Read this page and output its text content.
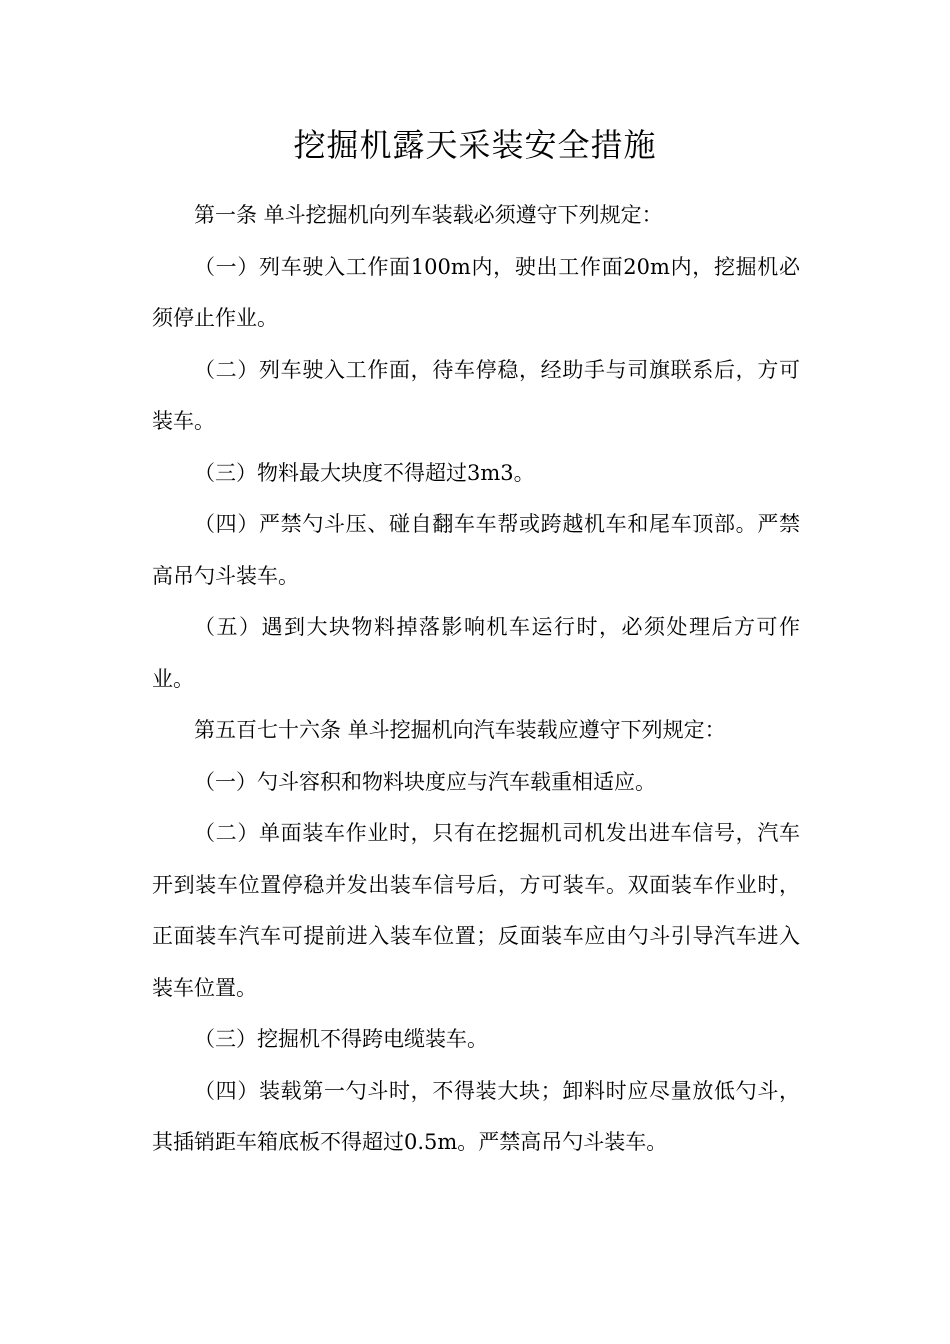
挖掘机露天采装安全措施

第一条 单斗挖掘机向列车装载必须遵守下列规定：

（一）列车驶入工作面100m内，驶出工作面20m内，挖掘机必须停止作业。

（二）列车驶入工作面，待车停稳，经助手与司旗联系后，方可装车。

（三）物料最大块度不得超过3m3。

（四）严禁勺斗压、碰自翻车车帮或跨越机车和尾车顶部。严禁高吊勺斗装车。

（五）遇到大块物料掉落影响机车运行时，必须处理后方可作业。

第五百七十六条 单斗挖掘机向汽车装载应遵守下列规定：

（一）勺斗容积和物料块度应与汽车载重相适应。

（二）单面装车作业时，只有在挖掘机司机发出进车信号，汽车开到装车位置停稳并发出装车信号后，方可装车。双面装车作业时，正面装车汽车可提前进入装车位置；反面装车应由勺斗引导汽车进入装车位置。

（三）挖掘机不得跨电缆装车。

（四）装载第一勺斗时，不得装大块；卸料时应尽量放低勺斗，其插销距车箱底板不得超过0.5m。严禁高吊勺斗装车。
